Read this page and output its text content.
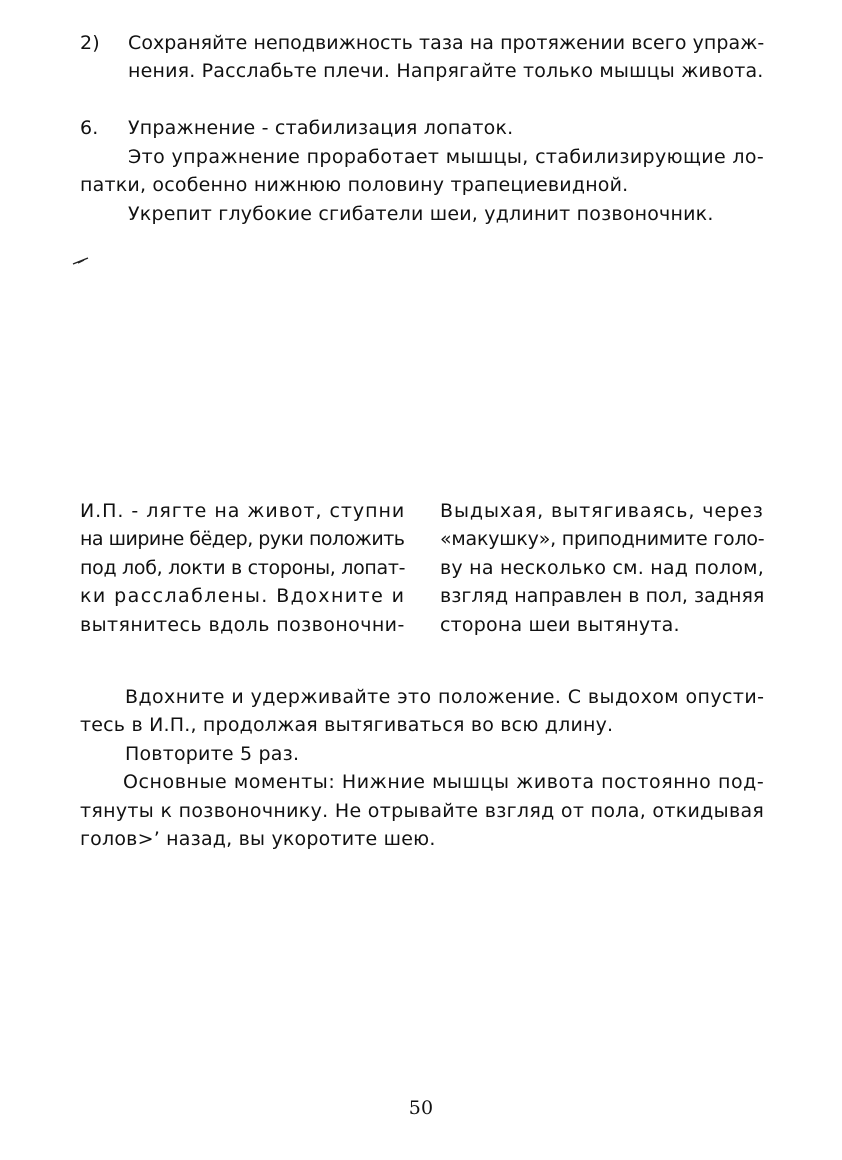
2) Сохраняйте неподвижность таза на протяжении всего упраж-
нения. Расслабьте плечи. Напрягайте только мышцы живота.
6. Упражнение - стабилизация лопаток.
Это упражнение проработает мышцы, стабилизирующие ло-
патки, особенно нижнюю половину трапециевидной.
Укрепит глубокие сгибатели шеи, удлинит позвоночник.
И.П. - лягте на живот, ступни
на ширине бёдер, руки положить
под лоб, локти в стороны, лопат-
ки расслаблены. Вдохните и
вытянитесь вдоль позвоночни-
Выдыхая, вытягиваясь, через
«макушку», приподнимите голо-
ву на несколько см. над полом,
взгляд направлен в пол, задняя
сторона шеи вытянута.
Вдохните и удерживайте это положение. С выдохом опусти-
тесь в И.П., продолжая вытягиваться во всю длину.
Повторите 5 раз.
Основные моменты: Нижние мышцы живота постоянно под-
тянуты к позвоночнику. Не отрывайте взгляд от пола, откидывая
голов>’ назад, вы укоротите шею.
50
